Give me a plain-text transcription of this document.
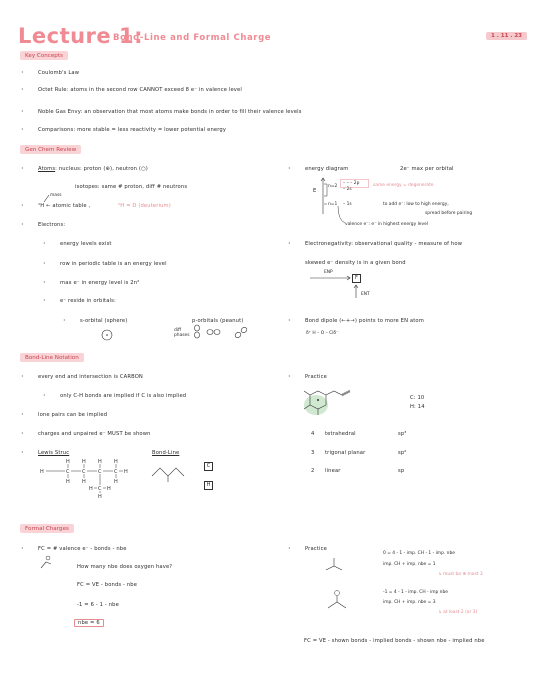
Lecture 1:
Bond-Line and Formal Charge	1 . 11 . 23
Key Concepts
· Coulomb's Law
· Octet Rule: atoms in the second row CANNOT exceed 8 e⁻ in valence level
· Noble Gas Envy: an observation that most atoms make bonds in order to fill their valence levels
· Comparisons: more stable = less reactivity = lower potential energy
Gen Chem Review
· Atoms: nucleus: proton (⊕), neutron (○)
isotopes: same # proton, diff # neutrons
mass
· ¹H ← atomic table ,	²H = D (deuterium)
· Electrons:
· energy levels exist
· row in periodic table is an energy level
· max e⁻ in energy level is 2n²
· e⁻ reside in orbitals:
· s-orbital (sphere)	p-orbitals (peanut)
diff phases
· energy diagram	2e⁻ max per orbital
E
n=2
n=1
– – – 2p
– 2s
– 1s
same energy = degenerate
to add e⁻: low to high energy,
spread before pairing
valence e⁻: e⁻ in highest energy level
· Electronegativity: observational quality - measure of how
skewed e⁻ density is in a given bond
ENP
F
ENT
· Bond dipole (←+→) points to more EN atom
δ⁺ H – O – Clδ⁻
Bond-Line Notation
· every end and intersection is CARBON
· only C-H bonds are implied if C is also implied
· lone pairs can be implied
· charges and unpaired e⁻ MUST be shown
· Lewis Struc
H H H H
H	C
C	C	C
H H	H
H C H
H
H
Bond-Line
C
H
· Practice
C: 10
H: 14
4 tetrahedral	sp³
3 trigonal planar	sp²
2 linear	sp
Formal Charges
· FC = # valence e⁻ - bonds - nbe
How many nbe does oxygen have?
FC = VE - bonds - nbe
-1 = 6 - 1 - nbe
nbe = 6
· Practice
0 = 4 - 1 - imp. CH - 1 - imp. nbe
imp. CH + imp. nbe = 1
↳ must be ⊕ most 3
-1 = 4 - 1 - imp. CH - imp nbe
imp. CH + imp. nbe = 3
↳ at least 2 (or 3)
FC = VE - shown bonds - implied bonds - shown nbe - implied nbe
